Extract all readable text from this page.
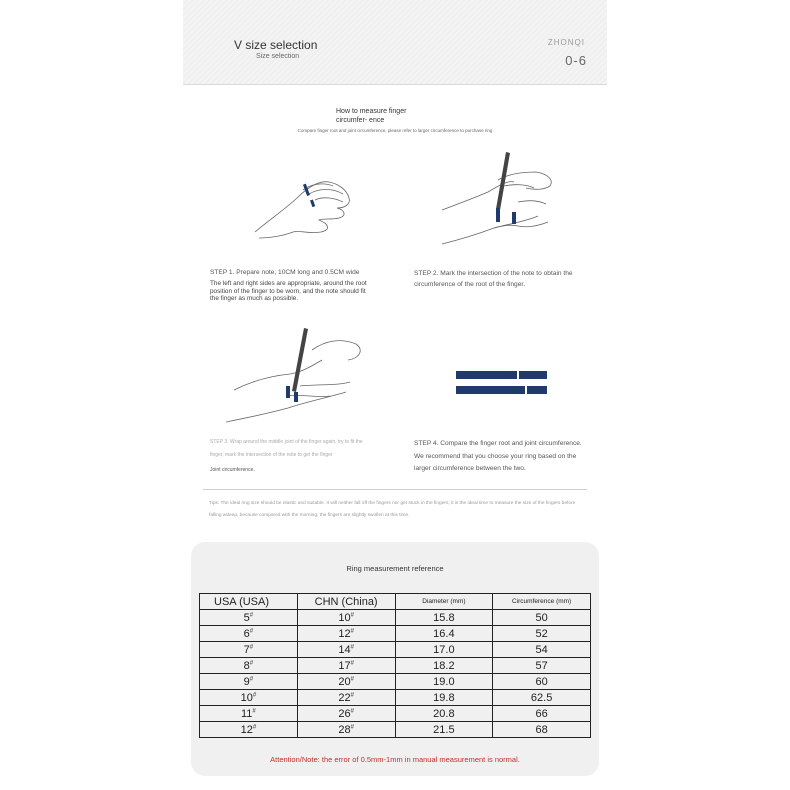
V size selection
Size selection
ZHONQI
0-6
How to measure finger circumfer- ence
Compare finger root and joint circumference, please refer to larger circumference to purchase ring
STEP 1. Prepare note, 10CM long and 0.5CM wide
The left and right sides are appropriate, around the root position of the finger to be worn, and the note should fit the finger as much as possible.
STEP 2. Mark the intersection of the note to obtain the circumference of the root of the finger.
STEP 3. Wrap around the middle joint of the finger again, try to fit the finger, mark the intersection of the note to get the finger
Joint circumference.
STEP 4. Compare the finger root and joint circumference. We recommend that you choose your ring based on the larger circumference between the two.
Tips: The ideal ring size should be elastic and suitable. It will neither fall off the fingers nor get stuck in the fingers; it is the ideal time to measure the size of the fingers before falling asleep, because compared with the morning, the fingers are slightly swollen at this time.
Ring measurement reference
USA (USA)	CHN (China)	Diameter (mm)	Circumference (mm)
5#	10#	15.8	50
6#	12#	16.4	52
7#	14#	17.0	54
8#	17#	18.2	57
9#	20#	19.0	60
10#	22#	19.8	62.5
11#	26#	20.8	66
12#	28#	21.5	68
Attention/Note: the error of 0.5mm-1mm in manual measurement is normal.
